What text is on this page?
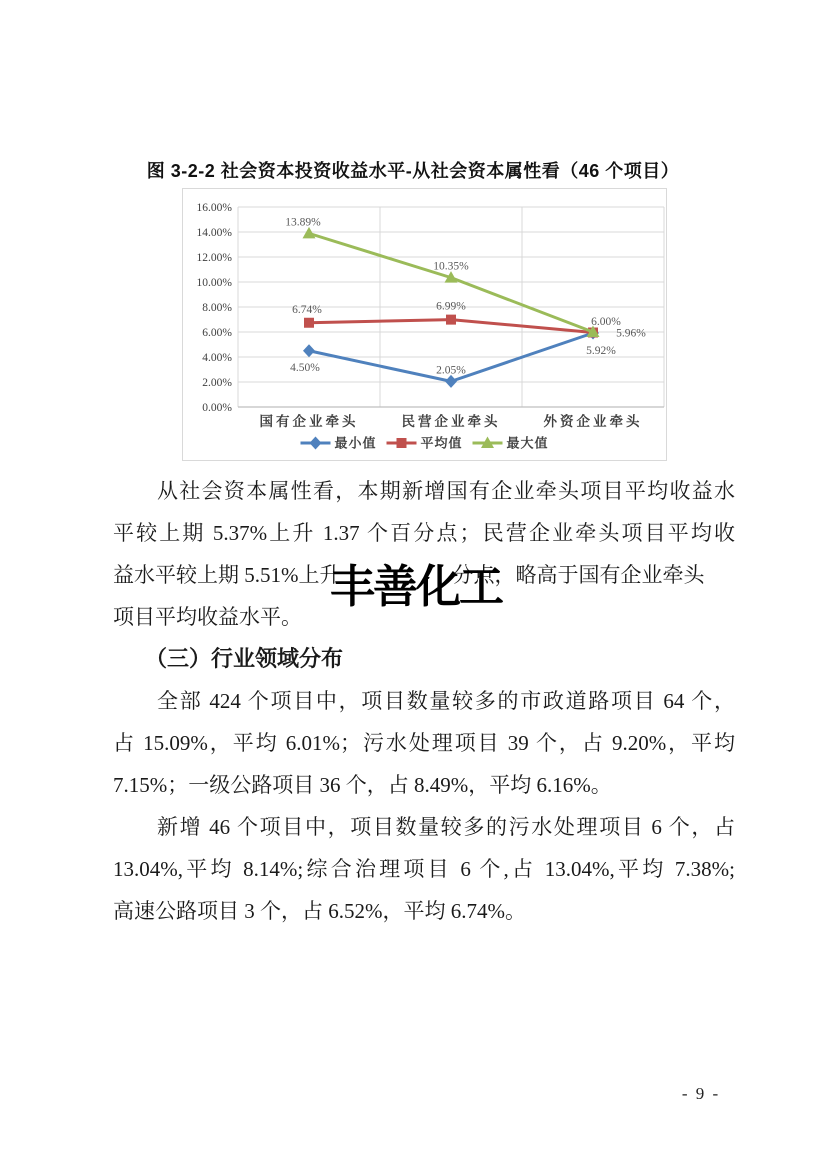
图 3-2-2 社会资本投资收益水平-从社会资本属性看（46 个项目）
0.00%
2.00%
4.00%
6.00%
8.00%
10.00%
12.00%
14.00%
16.00%
国有企业牵头	民营企业牵头	外资企业牵头
4.50%	2.05%
5.92%
6.74%	6.99%
5.96%
13.89%
10.35%
6.00%
最小值	平均值	最大值
从社会资本属性看，本期新增国有企业牵头项目平均收益水
平较上期 5.37%上升 1.37 个百分点；民营企业牵头项目平均收
益水平较上期 5.51%上升	分点，略高于国有企业牵头
项目平均收益水平。
（三）行业领域分布
全部 424 个项目中，项目数量较多的市政道路项目 64 个，
占 15.09%，平均 6.01%；污水处理项目 39 个，占 9.20%，平均
7.15%；一级公路项目 36 个，占 8.49%，平均 6.16%。
新增 46 个项目中，项目数量较多的污水处理项目 6 个，占
13.04%,平均 8.14%;综合治理项目 6 个,占 13.04%,平均 7.38%;
高速公路项目 3 个，占 6.52%，平均 6.74%。
丰善化工
- 9 -
